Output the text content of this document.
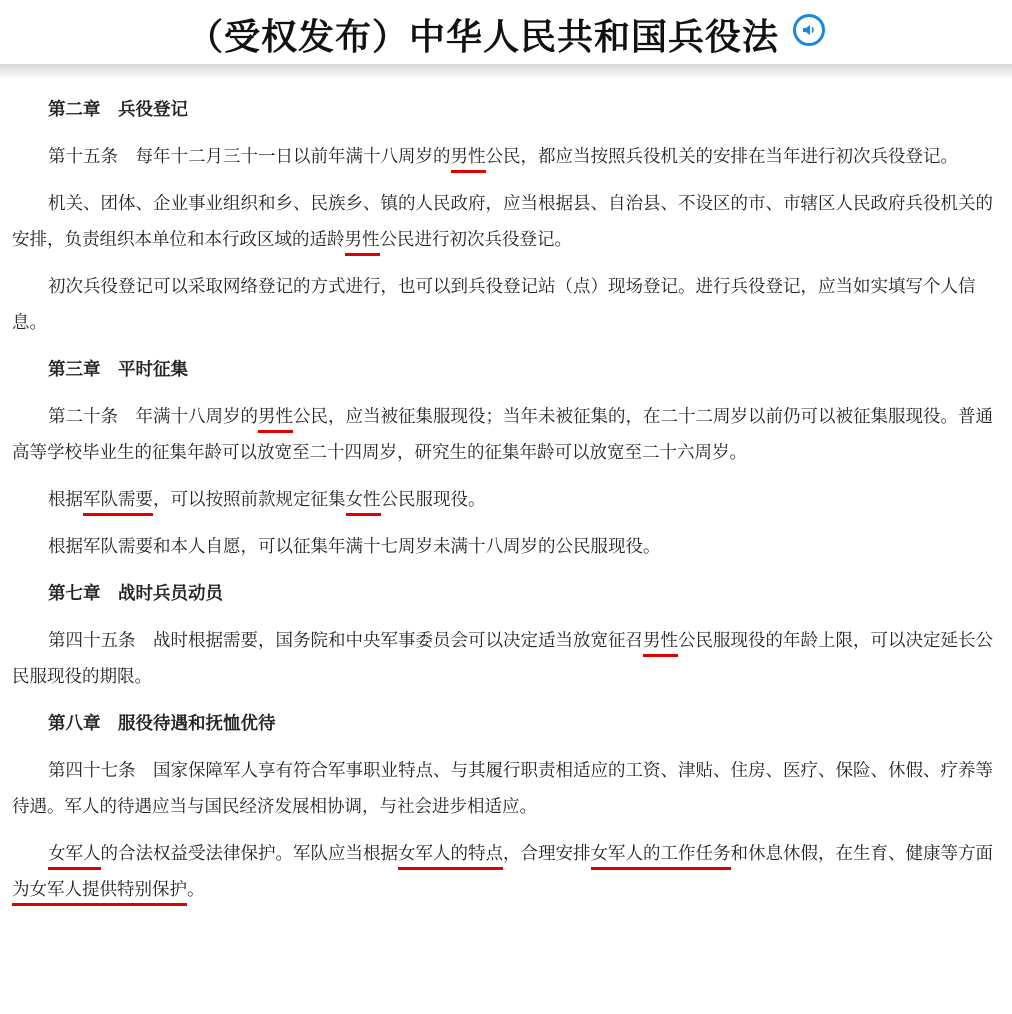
（受权发布）中华人民共和国兵役法

第二章　兵役登记

第十五条　每年十二月三十一日以前年满十八周岁的男性公民，都应当按照兵役机关的安排在当年进行初次兵役登记。

机关、团体、企业事业组织和乡、民族乡、镇的人民政府，应当根据县、自治县、不设区的市、市辖区人民政府兵役机关的安排，负责组织本单位和本行政区域的适龄男性公民进行初次兵役登记。

初次兵役登记可以采取网络登记的方式进行，也可以到兵役登记站（点）现场登记。进行兵役登记，应当如实填写个人信息。

第三章　平时征集

第二十条　年满十八周岁的男性公民，应当被征集服现役；当年未被征集的，在二十二周岁以前仍可以被征集服现役。普通高等学校毕业生的征集年龄可以放宽至二十四周岁，研究生的征集年龄可以放宽至二十六周岁。

根据军队需要，可以按照前款规定征集女性公民服现役。

根据军队需要和本人自愿，可以征集年满十七周岁未满十八周岁的公民服现役。

第七章　战时兵员动员

第四十五条　战时根据需要，国务院和中央军事委员会可以决定适当放宽征召男性公民服现役的年龄上限，可以决定延长公民服现役的期限。

第八章　服役待遇和抚恤优待

第四十七条　国家保障军人享有符合军事职业特点、与其履行职责相适应的工资、津贴、住房、医疗、保险、休假、疗养等待遇。军人的待遇应当与国民经济发展相协调，与社会进步相适应。

女军人的合法权益受法律保护。军队应当根据女军人的特点，合理安排女军人的工作任务和休息休假，在生育、健康等方面为女军人提供特别保护。
